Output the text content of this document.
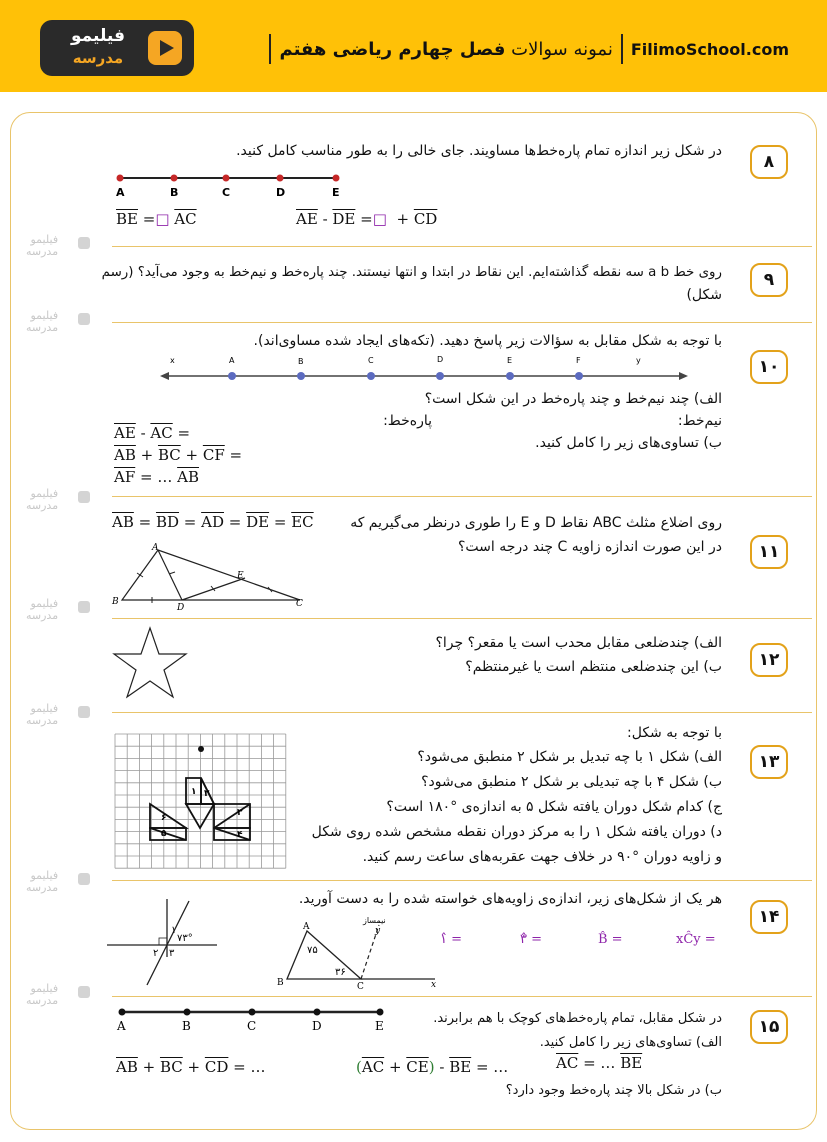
فیلیمو
مدرسه	FilimoSchool.com
نمونه سوالات

فصل چهارم ریاضی هفتم
فیلیمو
مدرسه
فیلیمو
مدرسه
فیلیمو
مدرسه
فیلیمو
مدرسه
فیلیمو
مدرسه
فیلیمو
مدرسه
فیلیمو
مدرسه
۸
در شکل زیر اندازه تمام پاره‌خط‌ها مساویند. جای خالی را به طور مناسب کامل کنید.
A	B	C	D	E
$\overline{BE}$ =□ $\overline{AC}$	$\overline{AE} - \overline{DE}$ =□ + $\overline{CD}$
۹
روی خط a b سه نقطه گذاشته‌ایم. این نقاط در ابتدا و انتها نیستند. چند پاره‌خط و نیم‌خط به وجود می‌آید؟ (رسم
شکل)
۱۰
با توجه به شکل مقابل به سؤالات زیر پاسخ دهید. (تکه‌های ایجاد شده مساوی‌اند).
x	A	B	C	D	E	F	y
الف) چند نیم‌خط و چند پاره‌خط در این شکل است؟
نیم‌خط:
پاره‌خط:
ب) تساوی‌های زیر را کامل کنید.
$\overline{AE} - \overline{AC}$ =
$\overline{AB} + \overline{BC} + \overline{CF}$ =
$\overline{AF}$ = … $\overline{AB}$
۱۱
روی اضلاع مثلث ABC نقاط D و E را طوری درنظر می‌گیریم که
$\overline{AB} = \overline{BD} = \overline{AD} = \overline{DE} = \overline{EC}$
در این صورت اندازه زاویه C چند درجه است؟
A
B	C
D
E
۱۲
الف) چندضلعی مقابل محدب است یا مقعر؟ چرا؟
ب) این چندضلعی منتظم است یا غیرمنتظم؟
۱۳
با توجه به شکل:
الف) شکل ۱ با چه تبدیل بر شکل ۲ منطبق می‌شود؟
ب) شکل ۴ با چه تبدیلی بر شکل ۲ منطبق می‌شود؟
ج) کدام شکل دوران یافته شکل ۵ به اندازه‌ی °۱۸۰ است؟
د) دوران یافته شکل ۱ را به مرکز دوران نقطه مشخص شده روی شکل
و زاویه دوران °۹۰ در خلاف جهت عقربه‌های ساعت رسم کنید.
۱ ۲
۳
۴
۵
۶
۱۴
هر یک از شکل‌های زیر، اندازه‌ی زاویه‌های خواسته شده را به دست آورید.
۷۳°
۲ ۳
۱	A
B	C	x
y
۷۵
۳۶
نیمساز
۱̂ =	۳̂ =	B̂ =	xĈy =
۱۵
A	B	C	D	E	در شکل مقابل، تمام پاره‌خط‌های کوچک با هم برابرند.
الف) تساوی‌های زیر را کامل کنید.
$\overline{AB} + \overline{BC} + \overline{CD}$ = …	$(\overline{AC} + \overline{CE}) - \overline{BE}$ = …	$\overline{AC}$ = … $\overline{BE}$
ب) در شکل بالا چند پاره‌خط وجود دارد؟
